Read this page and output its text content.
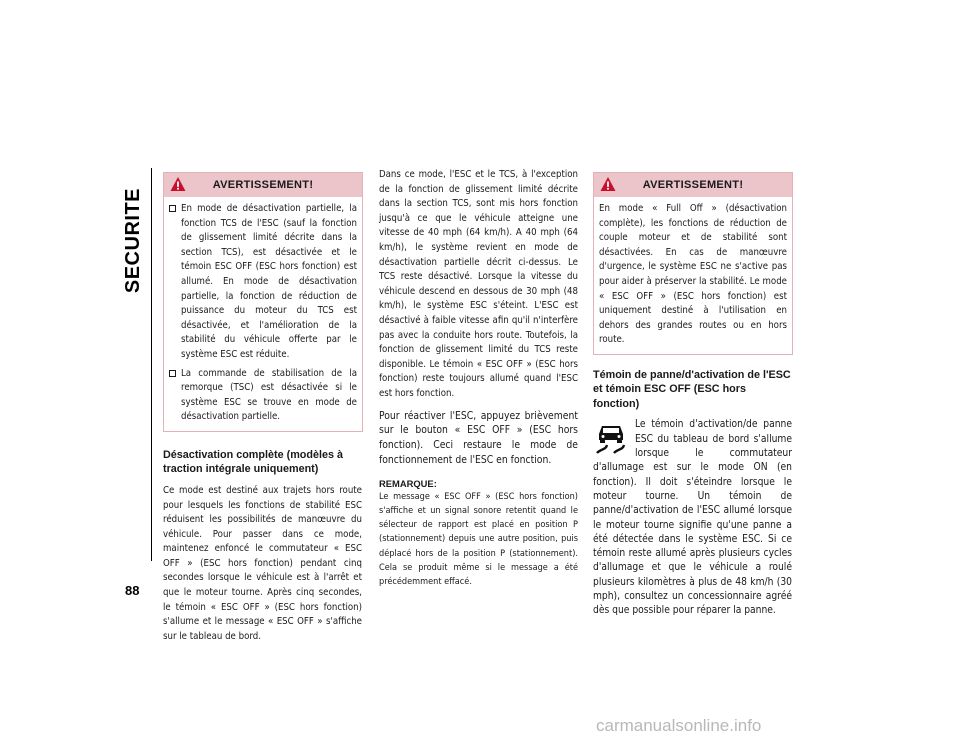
SECURITE
88
AVERTISSEMENT!

En mode de désactivation partielle, la fonction TCS de l'ESC (sauf la fonction de glissement limité décrite dans la section TCS), est désactivée et le témoin ESC OFF (ESC hors fonction) est allumé. En mode de désactivation partielle, la fonction de réduction de puissance du moteur du TCS est désactivée, et l'amélioration de la stabilité du véhicule offerte par le système ESC est réduite.

La commande de stabilisation de la remorque (TSC) est désactivée si le système ESC se trouve en mode de désactivation partielle.

Désactivation complète (modèles à traction intégrale uniquement)

Ce mode est destiné aux trajets hors route pour lesquels les fonctions de stabilité ESC réduisent les possibilités de manœuvre du véhicule. Pour passer dans ce mode, maintenez enfoncé le commutateur « ESC OFF » (ESC hors fonction) pendant cinq secondes lorsque le véhicule est à l'arrêt et que le moteur tourne. Après cinq secondes, le témoin « ESC OFF » (ESC hors fonction) s'allume et le message « ESC OFF » s'affiche sur le tableau de bord.

Dans ce mode, l'ESC et le TCS, à l'exception de la fonction de glissement limité décrite dans la section TCS, sont mis hors fonction jusqu'à ce que le véhicule atteigne une vitesse de 40 mph (64 km/h). A 40 mph (64 km/h), le système revient en mode de désactivation partielle décrit ci-dessus. Le TCS reste désactivé. Lorsque la vitesse du véhicule descend en dessous de 30 mph (48 km/h), le système ESC s'éteint. L'ESC est désactivé à faible vitesse afin qu'il n'interfère pas avec la conduite hors route. Toutefois, la fonction de glissement limité du TCS reste disponible. Le témoin « ESC OFF » (ESC hors fonction) reste toujours allumé quand l'ESC est hors fonction.

Pour réactiver l'ESC, appuyez brièvement sur le bouton « ESC OFF » (ESC hors fonction). Ceci restaure le mode de fonctionnement de l'ESC en fonction.

REMARQUE:

Le message « ESC OFF » (ESC hors fonction) s'affiche et un signal sonore retentit quand le sélecteur de rapport est placé en position P (stationnement) depuis une autre position, puis déplacé hors de la position P (stationnement). Cela se produit même si le message a été précédemment effacé.

AVERTISSEMENT!

En mode « Full Off » (désactivation complète), les fonctions de réduction de couple moteur et de stabilité sont désactivées. En cas de manœuvre d'urgence, le système ESC ne s'active pas pour aider à préserver la stabilité. Le mode « ESC OFF » (ESC hors fonction) est uniquement destiné à l'utilisation en dehors des grandes routes ou en hors route.

Témoin de panne/d'activation de l'ESC et témoin ESC OFF (ESC hors fonction)

Le témoin d'activation/de panne ESC du tableau de bord s'allume lorsque le commutateur d'allumage est sur le mode ON (en fonction). Il doit s'éteindre lorsque le moteur tourne. Un témoin de panne/d'activation de l'ESC allumé lorsque le moteur tourne signifie qu'une panne a été détectée dans le système ESC. Si ce témoin reste allumé après plusieurs cycles d'allumage et que le véhicule a roulé plusieurs kilomètres à plus de 48 km/h (30 mph), consultez un concessionnaire agréé dès que possible pour réparer la panne.

carmanualsonline.info
